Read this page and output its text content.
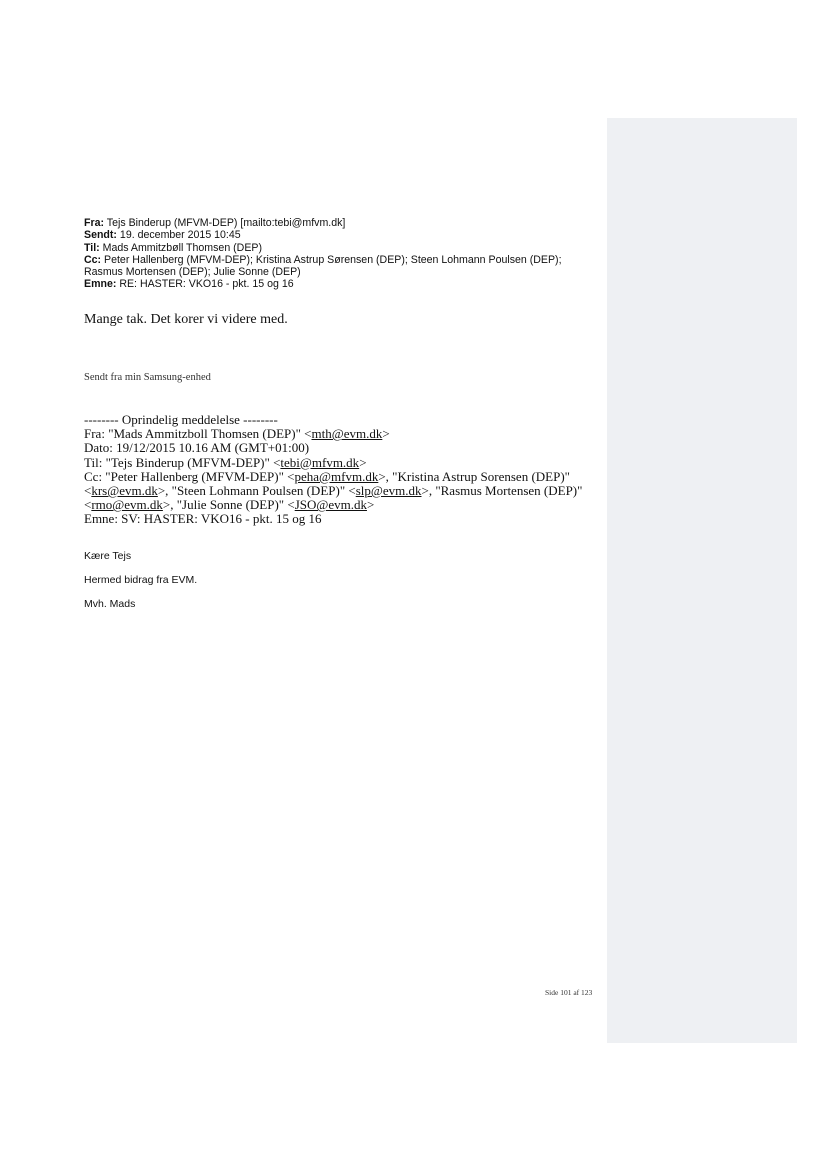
Fra: Tejs Binderup (MFVM-DEP) [mailto:tebi@mfvm.dk]
Sendt: 19. december 2015 10:45
Til: Mads Ammitzbøll Thomsen (DEP)
Cc: Peter Hallenberg (MFVM-DEP); Kristina Astrup Sørensen (DEP); Steen Lohmann Poulsen (DEP); Rasmus Mortensen (DEP); Julie Sonne (DEP)
Emne: RE: HASTER: VKO16 - pkt. 15 og 16
Mange tak. Det korer vi videre med.
Sendt fra min Samsung-enhed
-------- Oprindelig meddelelse --------
Fra: "Mads Ammitzboll Thomsen (DEP)" <mth@evm.dk>
Dato: 19/12/2015 10.16 AM (GMT+01:00)
Til: "Tejs Binderup (MFVM-DEP)" <tebi@mfvm.dk>
Cc: "Peter Hallenberg (MFVM-DEP)" <peha@mfvm.dk>, "Kristina Astrup Sorensen (DEP)"
<krs@evm.dk>, "Steen Lohmann Poulsen (DEP)" <slp@evm.dk>, "Rasmus Mortensen (DEP)"
<rmo@evm.dk>, "Julie Sonne (DEP)" <JSO@evm.dk>
Emne: SV: HASTER: VKO16 - pkt. 15 og 16
Kære Tejs
Hermed bidrag fra EVM.
Mvh. Mads
Side 101 af 123
